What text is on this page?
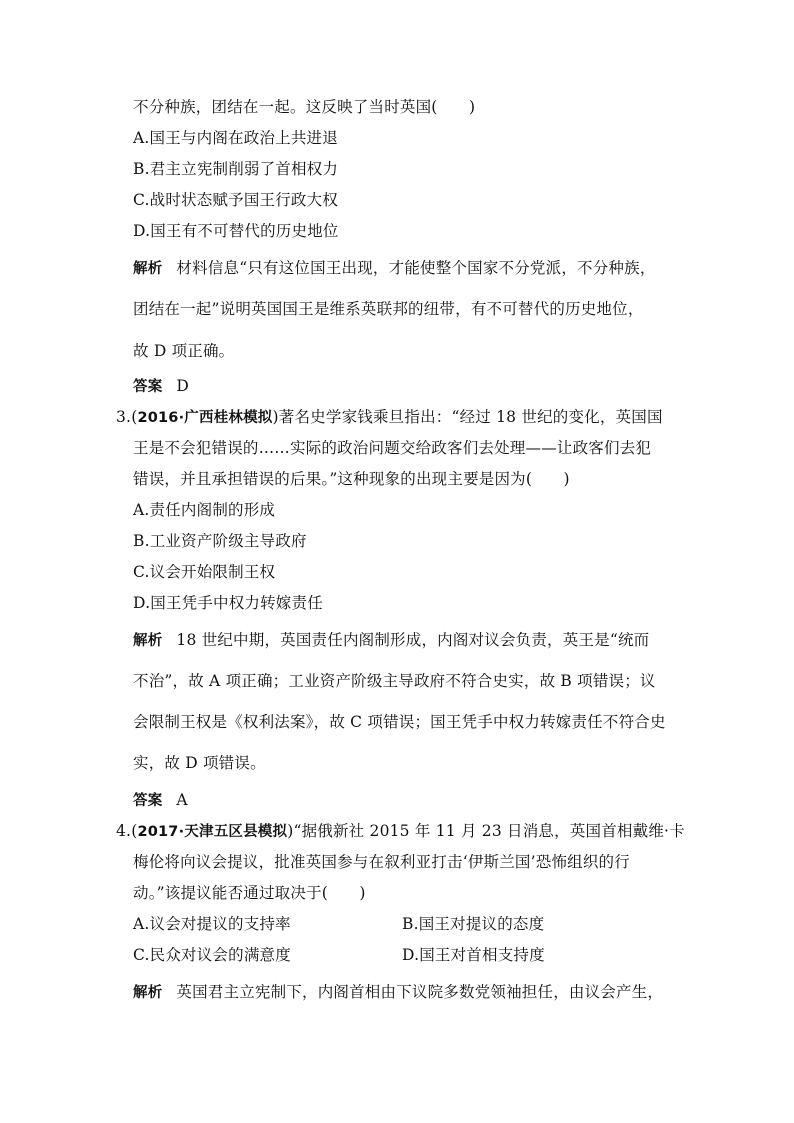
不分种族，团结在一起。这反映了当时英国(　　)
A.国王与内阁在政治上共进退
B.君主立宪制削弱了首相权力
C.战时状态赋予国王行政大权
D.国王有不可替代的历史地位
解析 材料信息“只有这位国王出现，才能使整个国家不分党派，不分种族，
团结在一起”说明英国国王是维系英联邦的纽带，有不可替代的历史地位，
故 D 项正确。
答案 D
3.(2016·广西桂林模拟)著名史学家钱乘旦指出：“经过 18 世纪的变化，英国国
王是不会犯错误的……实际的政治问题交给政客们去处理——让政客们去犯
错误，并且承担错误的后果。”这种现象的出现主要是因为(　　)
A.责任内阁制的形成
B.工业资产阶级主导政府
C.议会开始限制王权
D.国王凭手中权力转嫁责任
解析 18 世纪中期，英国责任内阁制形成，内阁对议会负责，英王是“统而
不治”，故 A 项正确；工业资产阶级主导政府不符合史实，故 B 项错误；议
会限制王权是《权利法案》，故 C 项错误；国王凭手中权力转嫁责任不符合史
实，故 D 项错误。
答案 A
4.(2017·天津五区县模拟)“据俄新社 2015 年 11 月 23 日消息，英国首相戴维·卡
梅伦将向议会提议，批准英国参与在叙利亚打击‘伊斯兰国’恐怖组织的行
动。”该提议能否通过取决于(　　)
A.议会对提议的支持率	B.国王对提议的态度
C.民众对议会的满意度	D.国王对首相支持度
解析 英国君主立宪制下，内阁首相由下议院多数党领袖担任，由议会产生，
